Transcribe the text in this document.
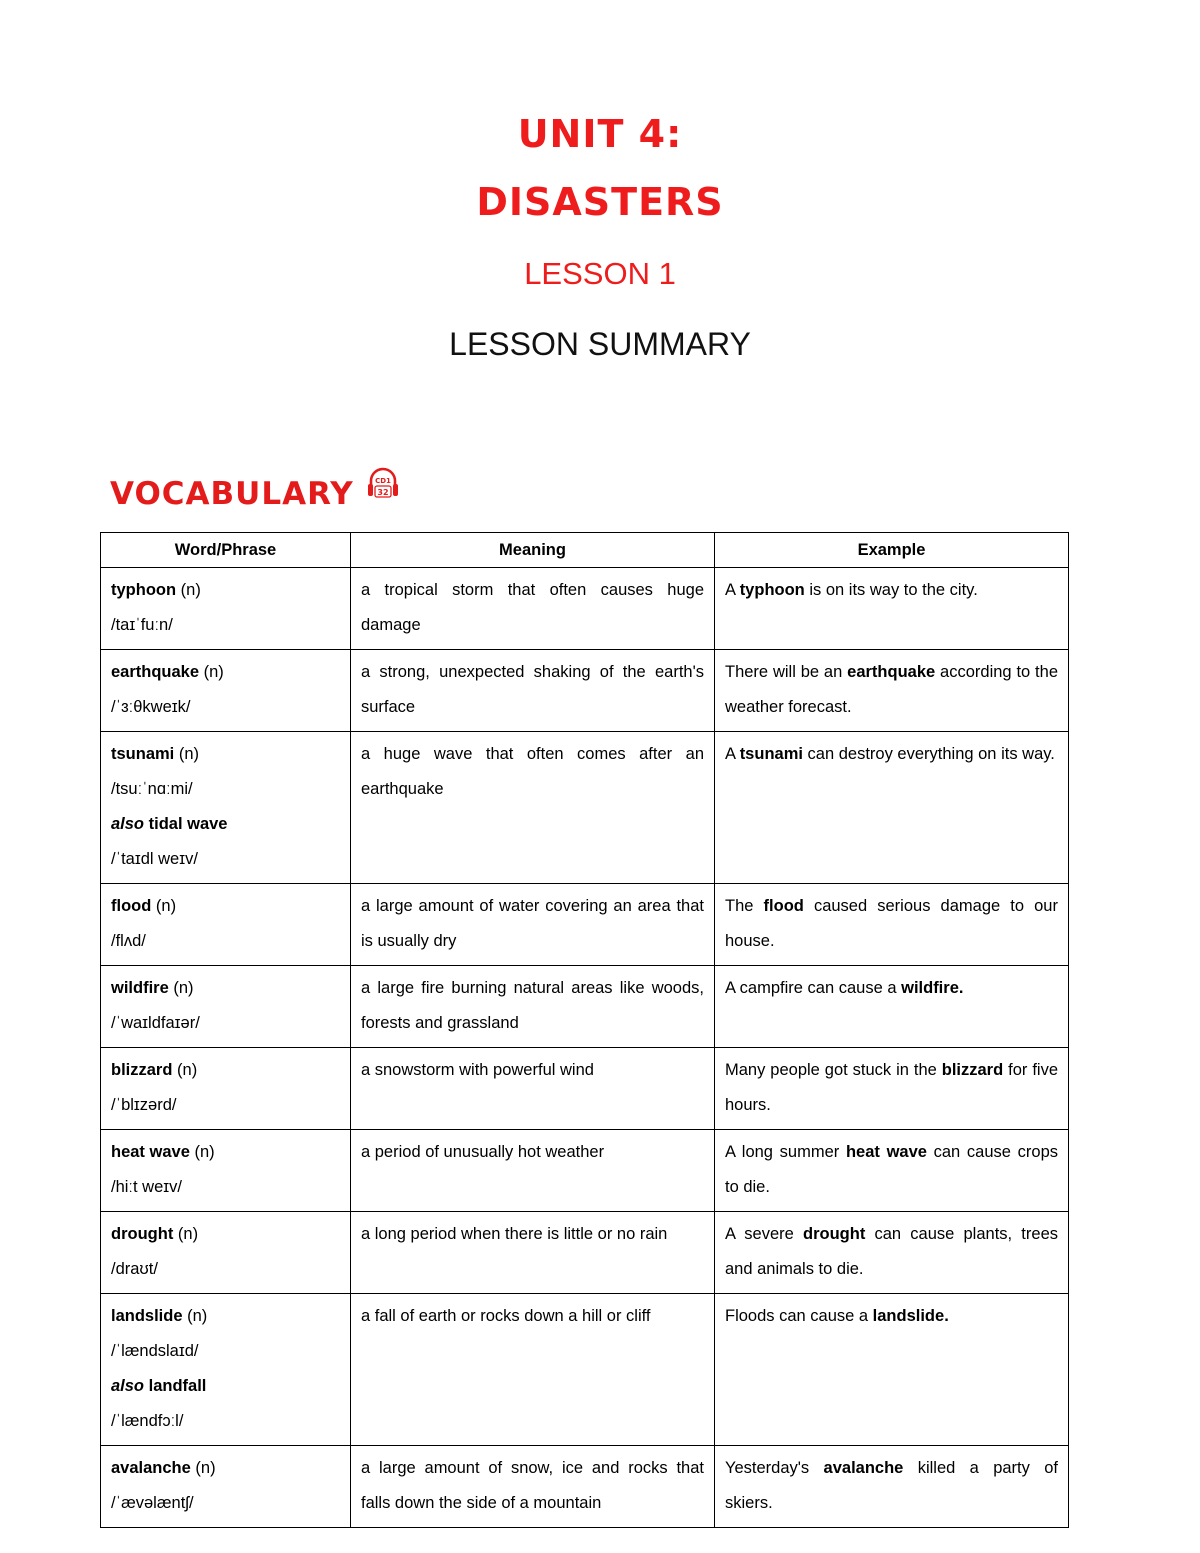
UNIT 4:
DISASTERS
LESSON 1
LESSON SUMMARY
VOCABULARY	CD1
32
Word/Phrase	Meaning	Example

typhoon (n)
/taɪˈfuːn/	a tropical storm that often causes huge damage	A typhoon is on its way to the city.

earthquake (n)
/ˈɜːθkweɪk/	a strong, unexpected shaking of the earth's surface	There will be an earthquake according to the weather forecast.

tsunami (n)
/tsuːˈnɑːmi/
also tidal wave
/ˈtaɪdl weɪv/	a huge wave that often comes after an earthquake	A tsunami can destroy everything on its way.

flood (n)
/flʌd/	a large amount of water covering an area that is usually dry	The flood caused serious damage to our house.

wildfire (n)
/ˈwaɪldfaɪər/	a large fire burning natural areas like woods, forests and grassland	A campfire can cause a wildfire.

blizzard (n)
/ˈblɪzərd/	a snowstorm with powerful wind	Many people got stuck in the blizzard for five hours.

heat wave (n)
/hiːt weɪv/	a period of unusually hot weather	A long summer heat wave can cause crops to die.

drought (n)
/draʊt/	a long period when there is little or no rain	A severe drought can cause plants, trees and animals to die.

landslide (n)
/ˈlændslaɪd/
also landfall
/ˈlændfɔːl/	a fall of earth or rocks down a hill or cliff	Floods can cause a landslide.

avalanche (n)
/ˈævəlæntʃ/	a large amount of snow, ice and rocks that falls down the side of a mountain	Yesterday's avalanche killed a party of skiers.
